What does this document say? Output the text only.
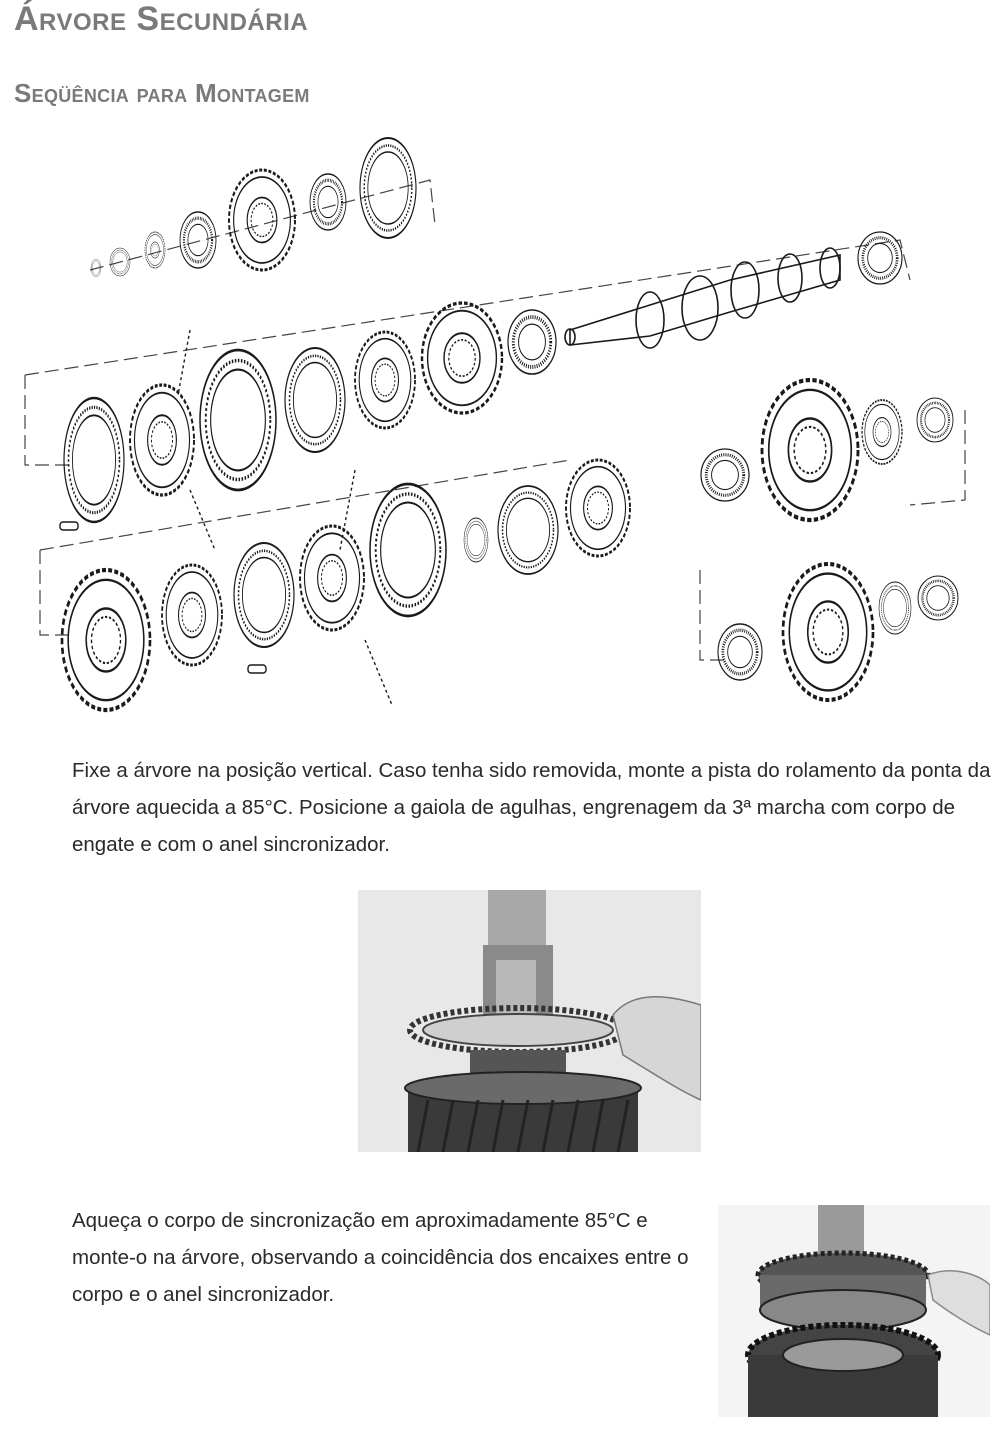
Árvore Secundária
Seqüência para Montagem

Fixe a árvore na posição vertical. Caso tenha sido removida, monte a pista do rolamento da ponta da árvore aquecida a 85°C. Posicione a gaiola de agulhas, engrenagem da 3ª marcha com corpo de engate e com o anel sincronizador.

Aqueça o corpo de sincronização em aproximadamente 85°C e monte-o na árvore, observando a coincidência dos encaixes entre o corpo e o anel sincronizador.
